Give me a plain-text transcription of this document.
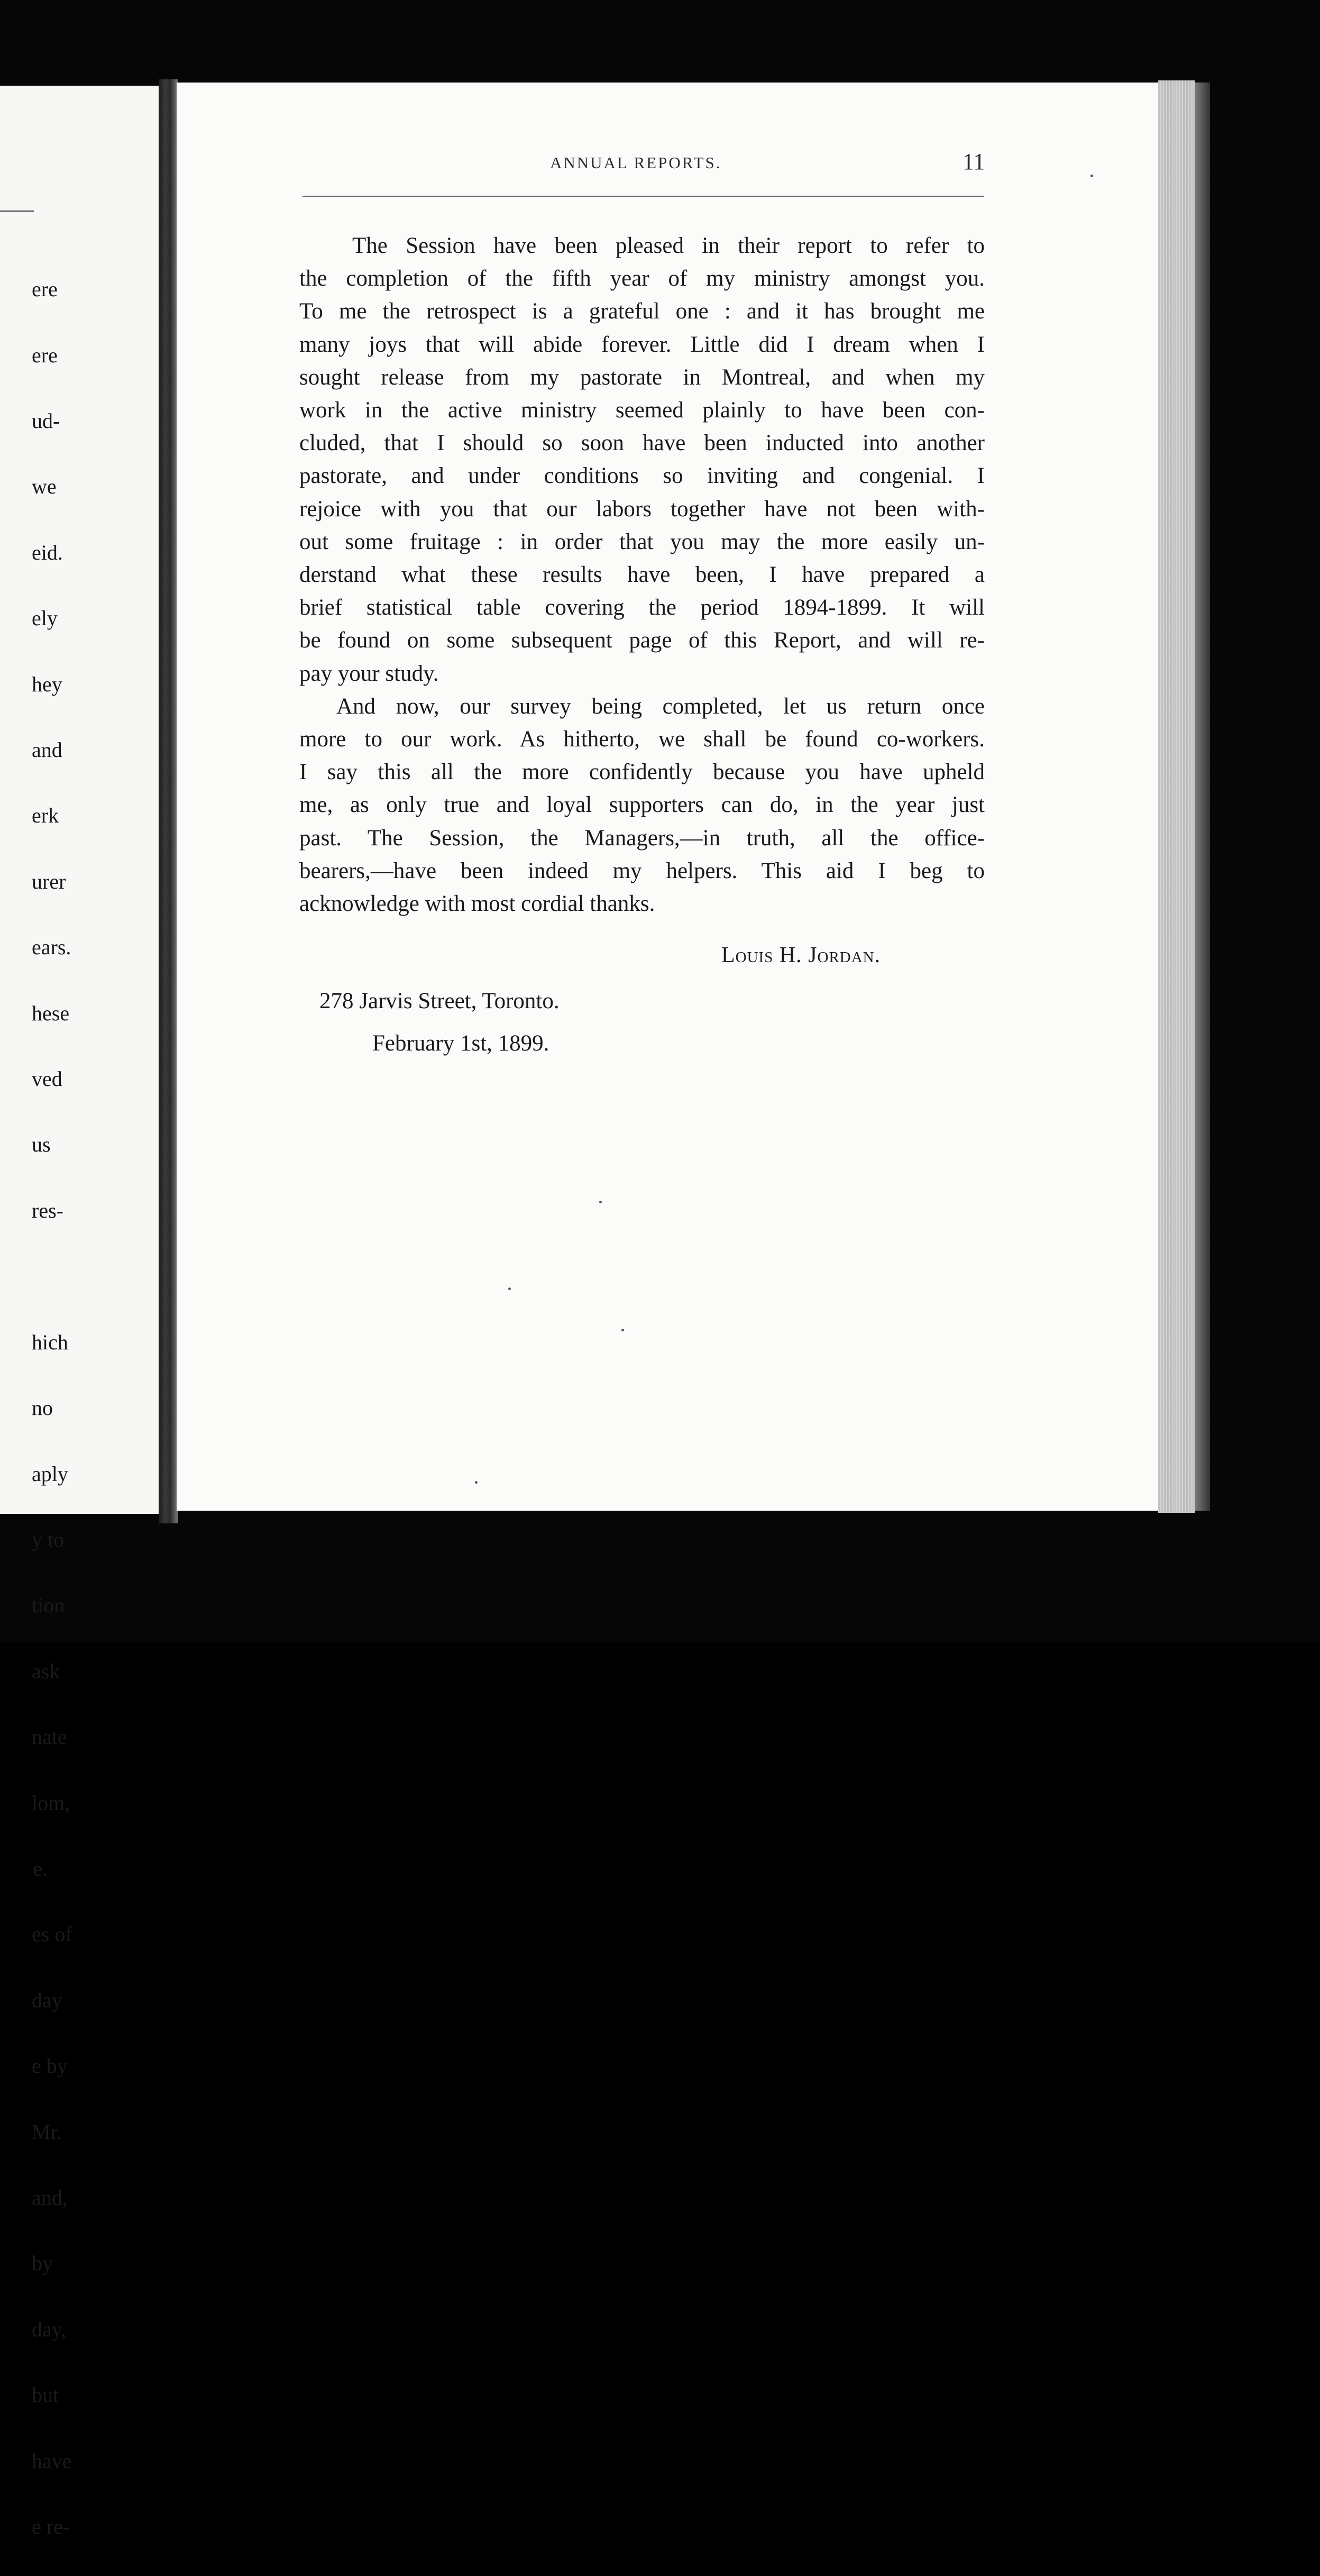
ere

ere

ud-

we

eid.

ely

hey

and

erk

urer

ears.

hese

ved

us

res-

hich

no

aply

y to

tion

ask

nate

lom,

e.

es of

day

e by

Mr.

and,

by

day,

but

have

e re-

ANNUAL REPORTS.	11
The Session have been pleased in their report to refer to
the completion of the fifth year of my ministry amongst you.
To me the retrospect is a grateful one : and it has brought me
many joys that will abide forever. Little did I dream when I
sought release from my pastorate in Montreal, and when my
work in the active ministry seemed plainly to have been con-
cluded, that I should so soon have been inducted into another
pastorate, and under conditions so inviting and congenial. I
rejoice with you that our labors together have not been with-
out some fruitage : in order that you may the more easily un-
derstand what these results have been, I have prepared a
brief statistical table covering the period 1894-1899. It will
be found on some subsequent page of this Report, and will re-
pay your study.
And now, our survey being completed, let us return once
more to our work. As hitherto, we shall be found co-workers.
I say this all the more confidently because you have upheld
me, as only true and loyal supporters can do, in the year just
past. The Session, the Managers,—in truth, all the office-
bearers,—have been indeed my helpers. This aid I beg to
acknowledge with most cordial thanks.
Louis H. Jordan.
278 Jarvis Street, Toronto.
February 1st, 1899.
